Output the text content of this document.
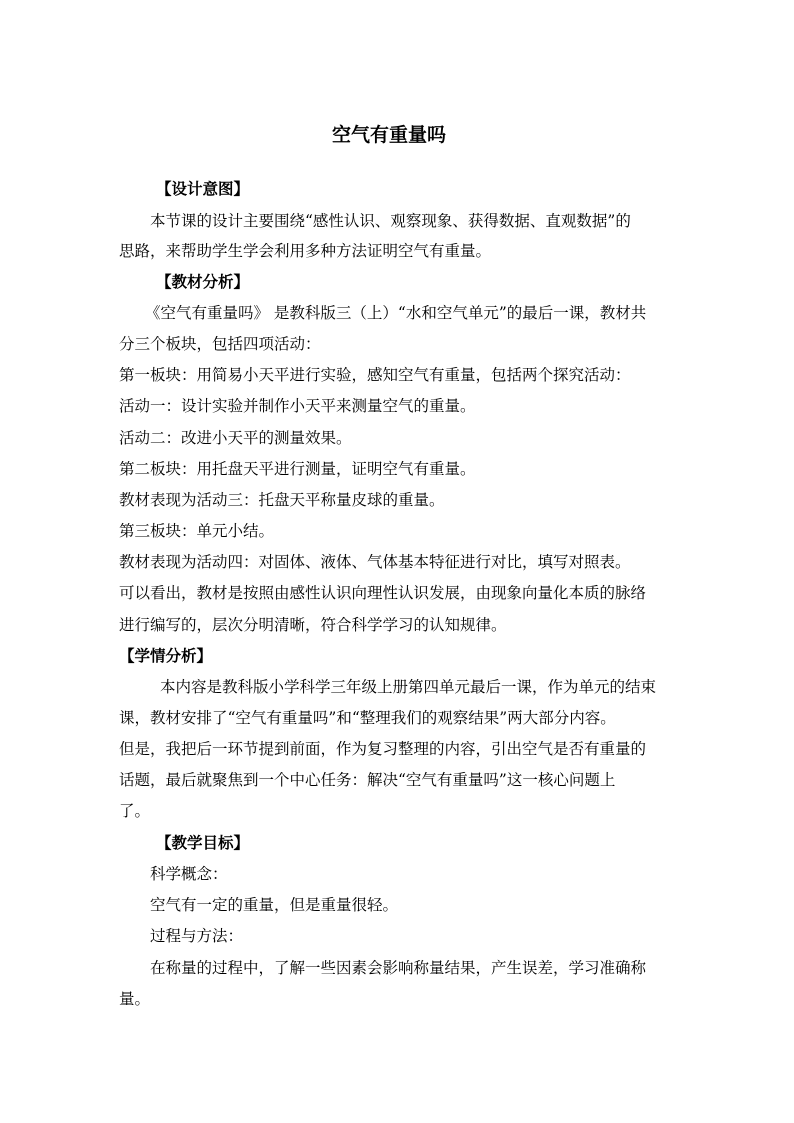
空气有重量吗
【设计意图】
本节课的设计主要围绕“感性认识、观察现象、获得数据、直观数据”的
思路，来帮助学生学会利用多种方法证明空气有重量。
【教材分析】
《空气有重量吗》 是教科版三（上）“水和空气单元”的最后一课，教材共
分三个板块，包括四项活动：
第一板块：用简易小天平进行实验，感知空气有重量，包括两个探究活动：
活动一：设计实验并制作小天平来测量空气的重量。
活动二：改进小天平的测量效果。
第二板块：用托盘天平进行测量，证明空气有重量。
教材表现为活动三：托盘天平称量皮球的重量。
第三板块：单元小结。
教材表现为活动四：对固体、液体、气体基本特征进行对比，填写对照表。
可以看出，教材是按照由感性认识向理性认识发展，由现象向量化本质的脉络
进行编写的，层次分明清晰，符合科学学习的认知规律。
【学情分析】
本内容是教科版小学科学三年级上册第四单元最后一课，作为单元的结束
课，教材安排了“空气有重量吗”和“整理我们的观察结果”两大部分内容。
但是，我把后一环节提到前面，作为复习整理的内容，引出空气是否有重量的
话题，最后就聚焦到一个中心任务：解决“空气有重量吗”这一核心问题上
了。
【教学目标】
科学概念：
空气有一定的重量，但是重量很轻。
过程与方法：
在称量的过程中，了解一些因素会影响称量结果，产生误差，学习准确称
量。
